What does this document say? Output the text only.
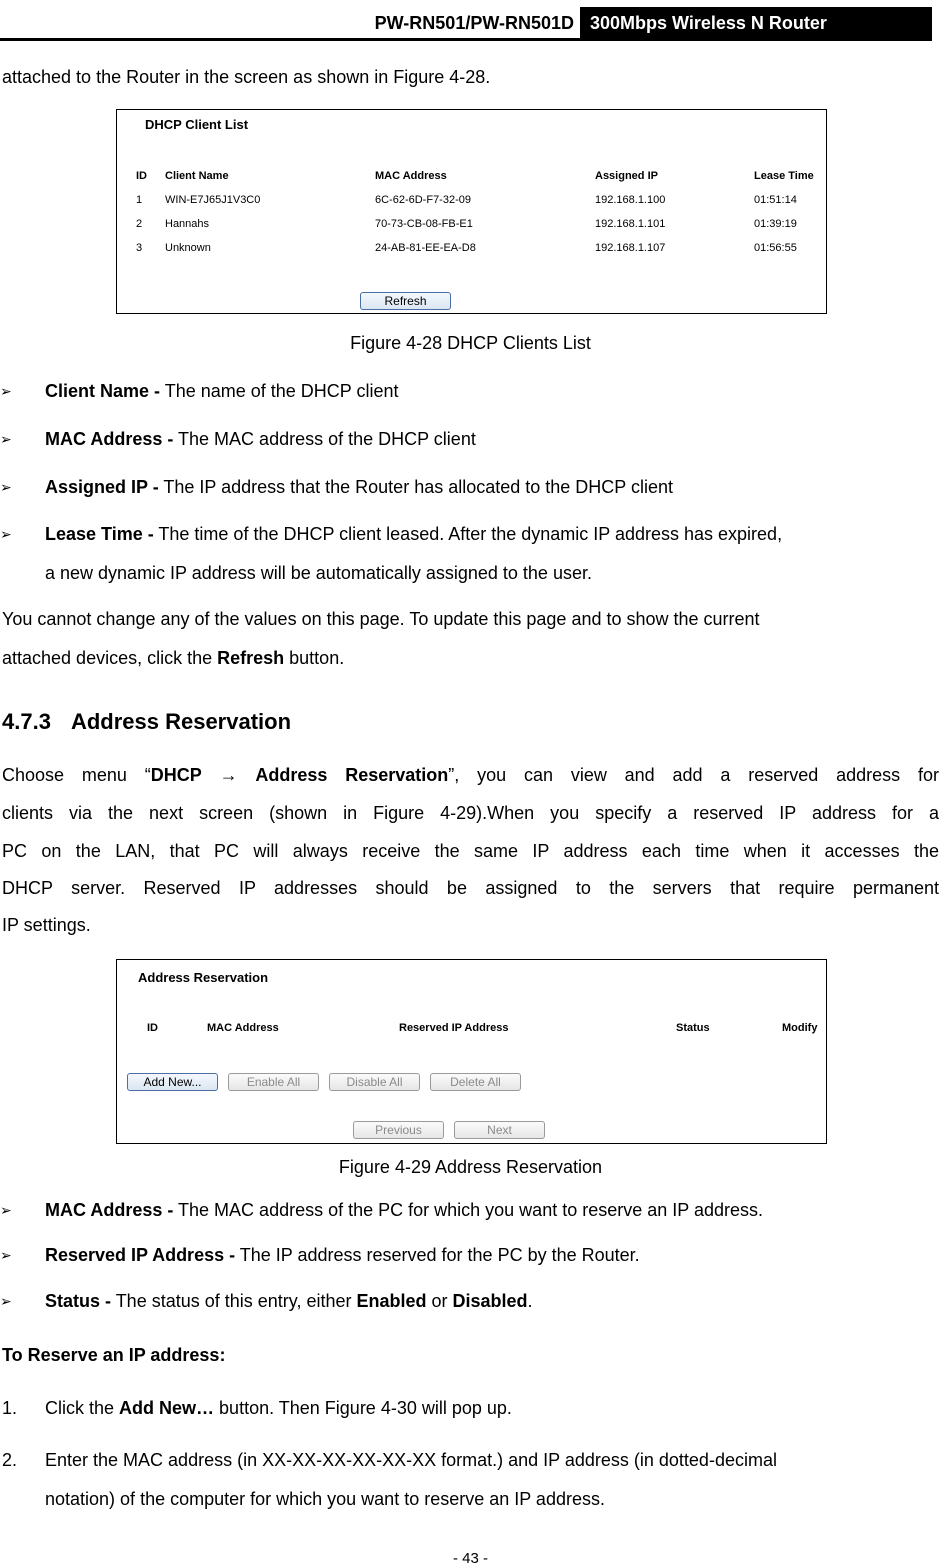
PW-RN501/PW-RN501D 300Mbps Wireless N Router
attached to the Router in the screen as shown in Figure 4-28.
DHCP Client List
ID Client Name	MAC Address	Assigned IP	Lease Time
1 WIN-E7J65J1V3C0	6C-62-6D-F7-32-09	192.168.1.100	01:51:14
2 Hannahs	70-73-CB-08-FB-E1	192.168.1.101	01:39:19
3 Unknown	24-AB-81-EE-EA-D8	192.168.1.107	01:56:55
Refresh
Figure 4-28 DHCP Clients List
➢ Client Name - The name of the DHCP client
➢ MAC Address - The MAC address of the DHCP client
➢ Assigned IP - The IP address that the Router has allocated to the DHCP client
➢ Lease Time - The time of the DHCP client leased. After the dynamic IP address has expired,
a new dynamic IP address will be automatically assigned to the user.
You cannot change any of the values on this page. To update this page and to show the current
attached devices, click the Refresh button.
4.7.3 Address Reservation
Choose menu “DHCP → Address Reservation”, you can view and add a reserved address for
clients via the next screen (shown in Figure 4-29).When you specify a reserved IP address for a
PC on the LAN, that PC will always receive the same IP address each time when it accesses the
DHCP server. Reserved IP addresses should be assigned to the servers that require permanent
IP settings.
Address Reservation
ID	MAC Address	Reserved IP Address	Status	Modify
Add New...	Enable All	Disable All	Delete All
Previous	Next
Figure 4-29 Address Reservation
➢ MAC Address - The MAC address of the PC for which you want to reserve an IP address.
➢ Reserved IP Address - The IP address reserved for the PC by the Router.
➢ Status - The status of this entry, either Enabled or Disabled.
To Reserve an IP address:
1. Click the Add New… button. Then Figure 4-30 will pop up.
2. Enter the MAC address (in XX-XX-XX-XX-XX-XX format.) and IP address (in dotted-decimal
notation) of the computer for which you want to reserve an IP address.
- 43 -
